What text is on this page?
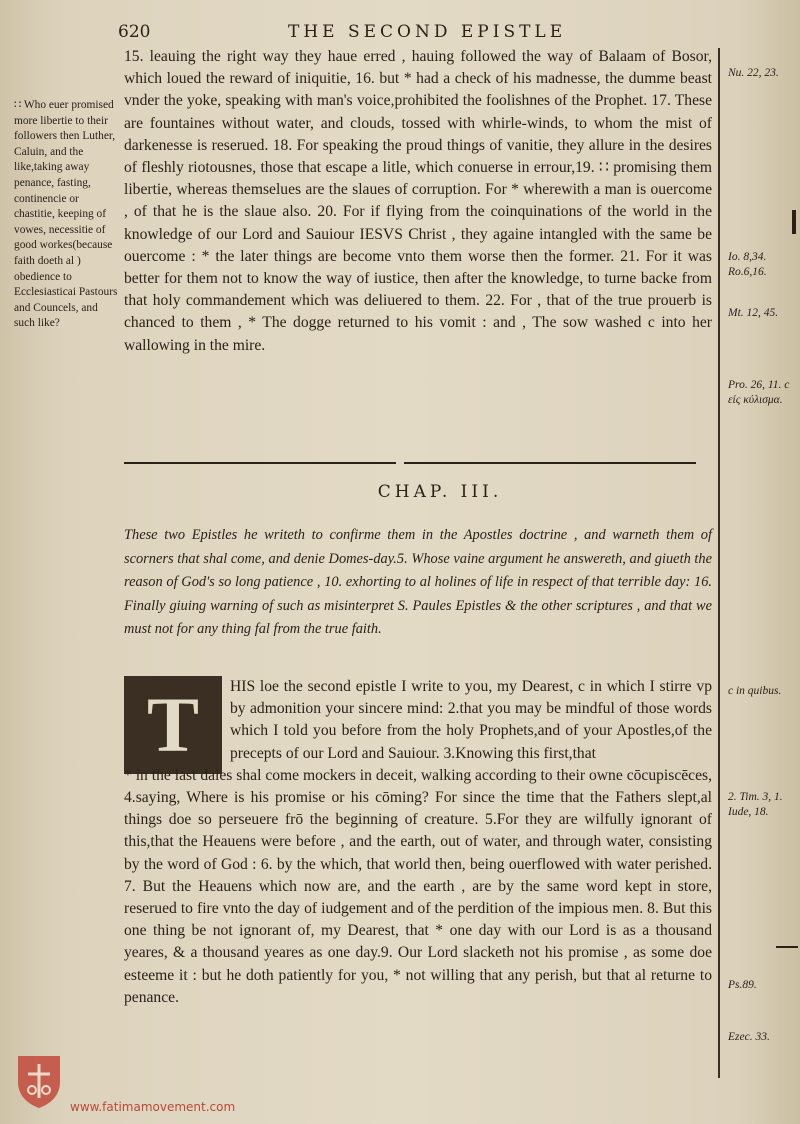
620	THE SECOND EPISTLE
∷ Who euer promised more libertie to their followers then Luther, Caluin, and the like,taking away penance, fasting, continencie or chastitie, keeping of vowes, necessitie of good workes(because faith doeth al ) obedience to Ecclesiasticai Pastours and Councels, and such like?
15. leauing the right way they haue erred , hauing followed the way of Balaam of Bosor, which loued the reward of iniquitie, 16. but * had a check of his madnesse, the dumme beast vnder the yoke, speaking with man's voice,prohibited the foolishnes of the Prophet. 17. These are fountaines without water, and clouds, tossed with whirle-winds, to whom the mist of darkenesse is reserued. 18. For speaking the proud things of vanitie, they allure in the desires of fleshly riotousnes, those that escape a litle, which conuerse in errour,19. ∷ promising them libertie, whereas themselues are the slaues of corruption. For * wherewith a man is ouercome , of that he is the slaue also. 20. For if flying from the coinquinations of the world in the knowledge of our Lord and Sauiour IESVS Christ , they againe intangled with the same be ouercome : * the later things are become vnto them worse then the former. 21. For it was better for them not to know the way of iustice, then after the knowledge, to turne backe from that holy commandement which was deliuered to them. 22. For , that of the true prouerb is chanced to them , * The dogge returned to his vomit : and , The sow washed c into her wallowing in the mire.
Nu. 22, 23.
Io. 8,34. Ro.6,16.
Mt. 12, 45.
Pro. 26, 11. c εἰς κύλισμα.
CHAP. III.
These two Epistles he writeth to confirme them in the Apostles doctrine , and warneth them of scorners that shal come, and denie Domes-day.5. Whose vaine argument he answereth, and giueth the reason of God's so long patience , 10. exhorting to al holines of life in respect of that terrible day: 16. Finally giuing warning of such as misinterpret S. Paules Epistles & the other scriptures , and that we must not for any thing fal from the true faith.
T	HIS loe the second epistle I write to you, my Dearest, c in which I stirre vp by admonition your sincere mind: 2.that you may be mindful of those words which I told you before from the holy Prophets,and of your Apostles,of the precepts of our Lord and Sauiour. 3.Knowing this first,that
* in the last daies shal come mockers in deceit, walking according to their owne cōcupiscēces, 4.saying, Where is his promise or his cōming? For since the time that the Fathers slept,al things doe so perseuere frō the beginning of creature. 5.For they are wilfully ignorant of this,that the Heauens were before , and the earth, out of water, and through water, consisting by the word of God : 6. by the which, that world then, being ouerflowed with water perished. 7. But the Heauens which now are, and the earth , are by the same word kept in store, reserued to fire vnto the day of iudgement and of the perdition of the impious men. 8. But this one thing be not ignorant of, my Dearest, that * one day with our Lord is as a thousand yeares, & a thousand yeares as one day.9. Our Lord slacketh not his promise , as some doe esteeme it : but he doth patiently for you, * not willing that any perish, but that al returne to penance.
c in quibus.
2. Tim. 3, 1. Iude, 18.
Ps.89.
Ezec. 33.
www.fatimamovement.com
